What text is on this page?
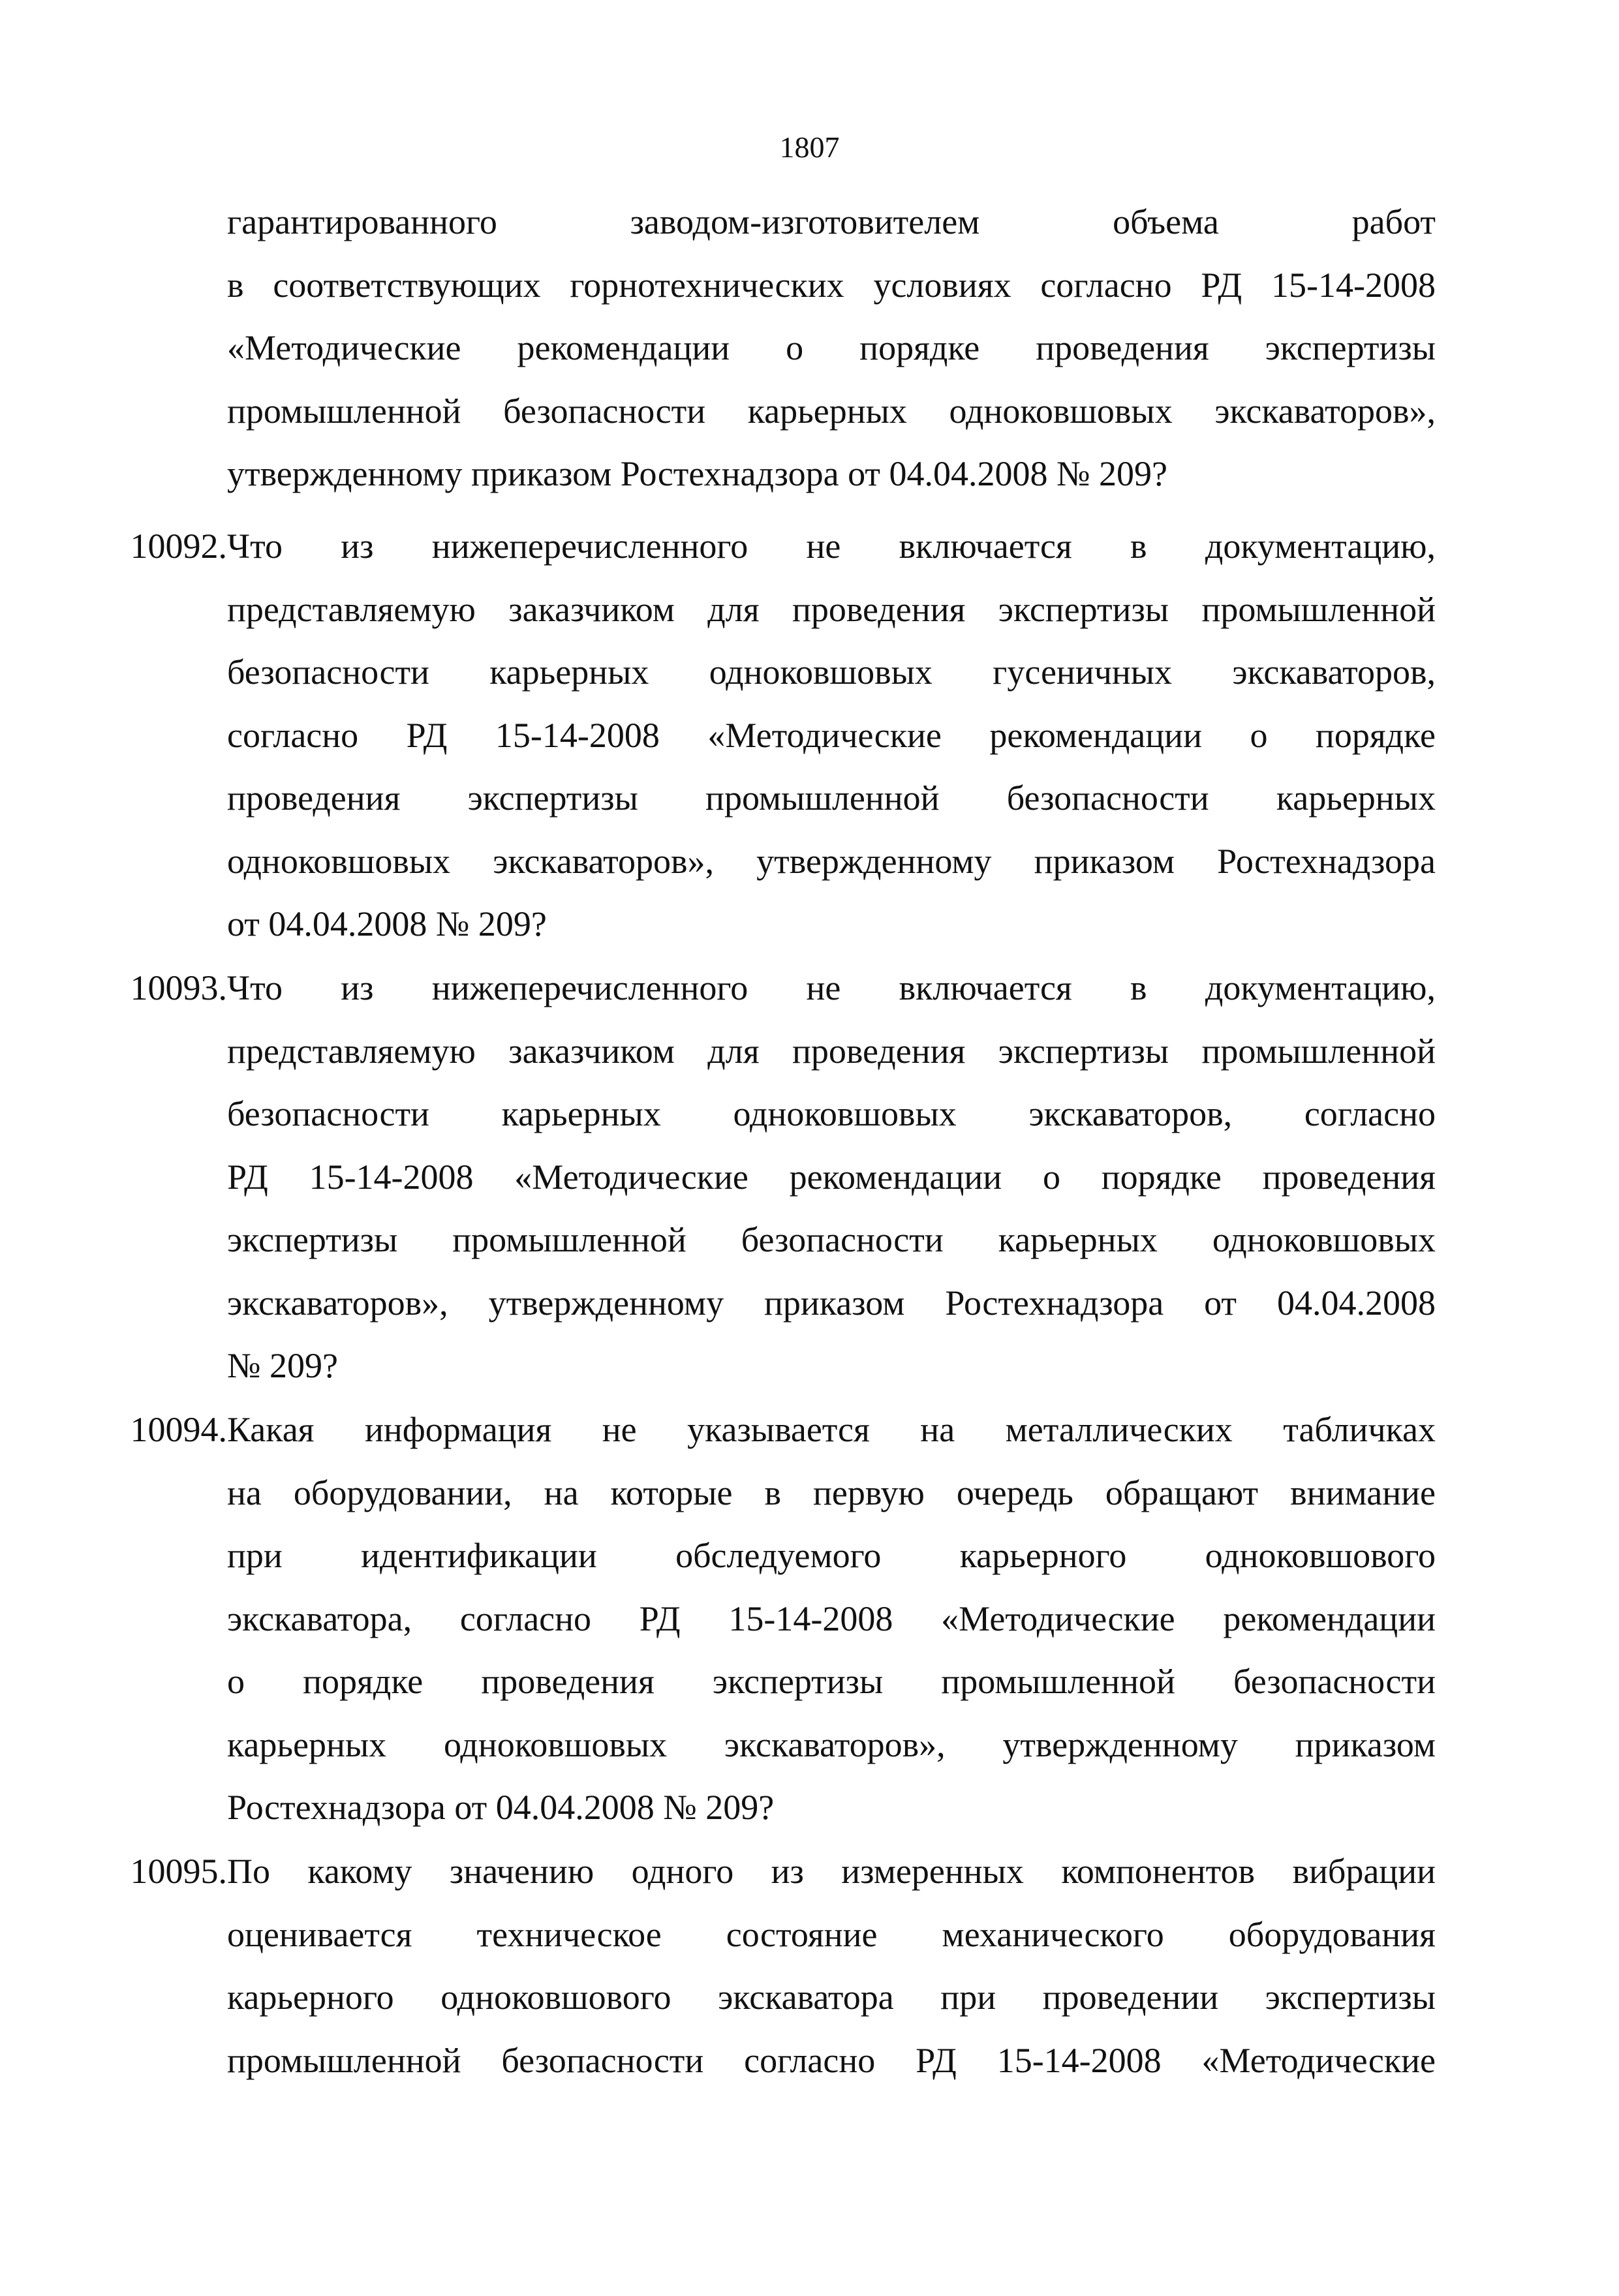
1807
гарантированного заводом-изготовителем объема работ
в соответствующих горнотехнических условиях согласно РД 15-14-2008
«Методические рекомендации о порядке проведения экспертизы
промышленной безопасности карьерных одноковшовых экскаваторов»,
утвержденному приказом Ростехнадзора от 04.04.2008 № 209?
10092. Что из нижеперечисленного не включается в документацию,
представляемую заказчиком для проведения экспертизы промышленной
безопасности карьерных одноковшовых гусеничных экскаваторов,
согласно РД 15-14-2008 «Методические рекомендации о порядке
проведения экспертизы промышленной безопасности карьерных
одноковшовых экскаваторов», утвержденному приказом Ростехнадзора
от 04.04.2008 № 209?
10093. Что из нижеперечисленного не включается в документацию,
представляемую заказчиком для проведения экспертизы промышленной
безопасности карьерных одноковшовых экскаваторов, согласно
РД 15-14-2008 «Методические рекомендации о порядке проведения
экспертизы промышленной безопасности карьерных одноковшовых
экскаваторов», утвержденному приказом Ростехнадзора от 04.04.2008
№ 209?
10094. Какая информация не указывается на металлических табличках
на оборудовании, на которые в первую очередь обращают внимание
при идентификации обследуемого карьерного одноковшового
экскаватора, согласно РД 15-14-2008 «Методические рекомендации
о порядке проведения экспертизы промышленной безопасности
карьерных одноковшовых экскаваторов», утвержденному приказом
Ростехнадзора от 04.04.2008 № 209?
10095. По какому значению одного из измеренных компонентов вибрации
оценивается техническое состояние механического оборудования
карьерного одноковшового экскаватора при проведении экспертизы
промышленной безопасности согласно РД 15-14-2008 «Методические
